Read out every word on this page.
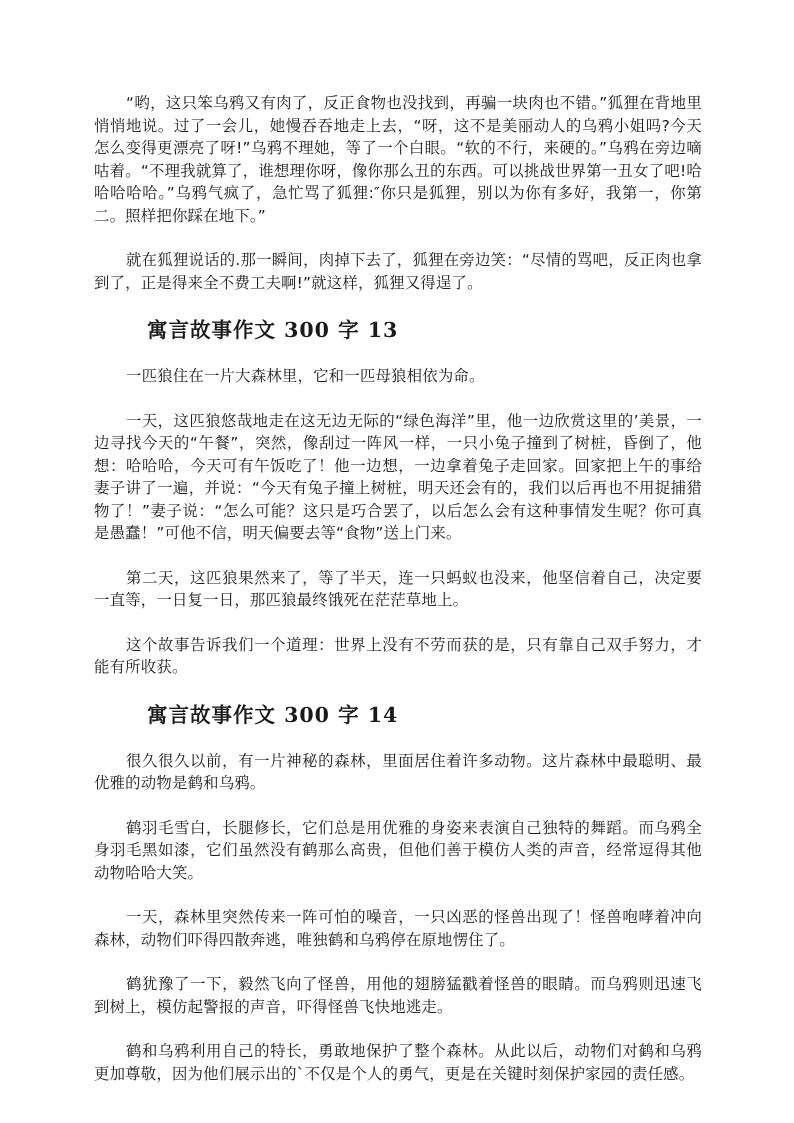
“哟，这只笨乌鸦又有肉了，反正食物也没找到，再骗一块肉也不错。”狐狸在背地里悄悄地说。过了一会儿，她慢吞吞地走上去，“呀，这不是美丽动人的乌鸦小姐吗?今天怎么变得更漂亮了呀!”乌鸦不理她，等了一个白眼。“软的不行，来硬的。”乌鸦在旁边嘀咕着。“不理我就算了，谁想理你呀，像你那么丑的东西。可以挑战世界第一丑女了吧!哈哈哈哈哈。”乌鸦气疯了，急忙骂了狐狸:″你只是狐狸，别以为你有多好，我第一，你第二。照样把你踩在地下。”

就在狐狸说话的.那一瞬间，肉掉下去了，狐狸在旁边笑：“尽情的骂吧，反正肉也拿到了，正是得来全不费工夫啊!”就这样，狐狸又得逞了。

寓言故事作文 300 字 13

一匹狼住在一片大森林里，它和一匹母狼相依为命。

一天，这匹狼悠哉地走在这无边无际的“绿色海洋”里，他一边欣赏这里的’美景，一边寻找今天的“午餐”，突然，像刮过一阵风一样，一只小兔子撞到了树桩，昏倒了，他想：哈哈哈，今天可有午饭吃了！他一边想，一边拿着兔子走回家。回家把上午的事给妻子讲了一遍，并说：“今天有兔子撞上树桩，明天还会有的，我们以后再也不用捉捕猎物了！”妻子说：“怎么可能？这只是巧合罢了，以后怎么会有这种事情发生呢？你可真是愚蠢！”可他不信，明天偏要去等“食物”送上门来。

第二天，这匹狼果然来了，等了半天，连一只蚂蚁也没来，他坚信着自己，决定要一直等，一日复一日，那匹狼最终饿死在茫茫草地上。

这个故事告诉我们一个道理：世界上没有不劳而获的是，只有靠自己双手努力，才能有所收获。

寓言故事作文 300 字 14

很久很久以前，有一片神秘的森林，里面居住着许多动物。这片森林中最聪明、最优雅的动物是鹤和乌鸦。

鹤羽毛雪白，长腿修长，它们总是用优雅的身姿来表演自己独特的舞蹈。而乌鸦全身羽毛黑如漆，它们虽然没有鹤那么高贵，但他们善于模仿人类的声音，经常逗得其他动物哈哈大笑。

一天，森林里突然传来一阵可怕的噪音，一只凶恶的怪兽出现了！怪兽咆哮着冲向森林，动物们吓得四散奔逃，唯独鹤和乌鸦停在原地愣住了。

鹤犹豫了一下，毅然飞向了怪兽，用他的翅膀猛戳着怪兽的眼睛。而乌鸦则迅速飞到树上，模仿起警报的声音，吓得怪兽飞快地逃走。

鹤和乌鸦利用自己的特长，勇敢地保护了整个森林。从此以后，动物们对鹤和乌鸦更加尊敬，因为他们展示出的`不仅是个人的勇气，更是在关键时刻保护家园的责任感。
